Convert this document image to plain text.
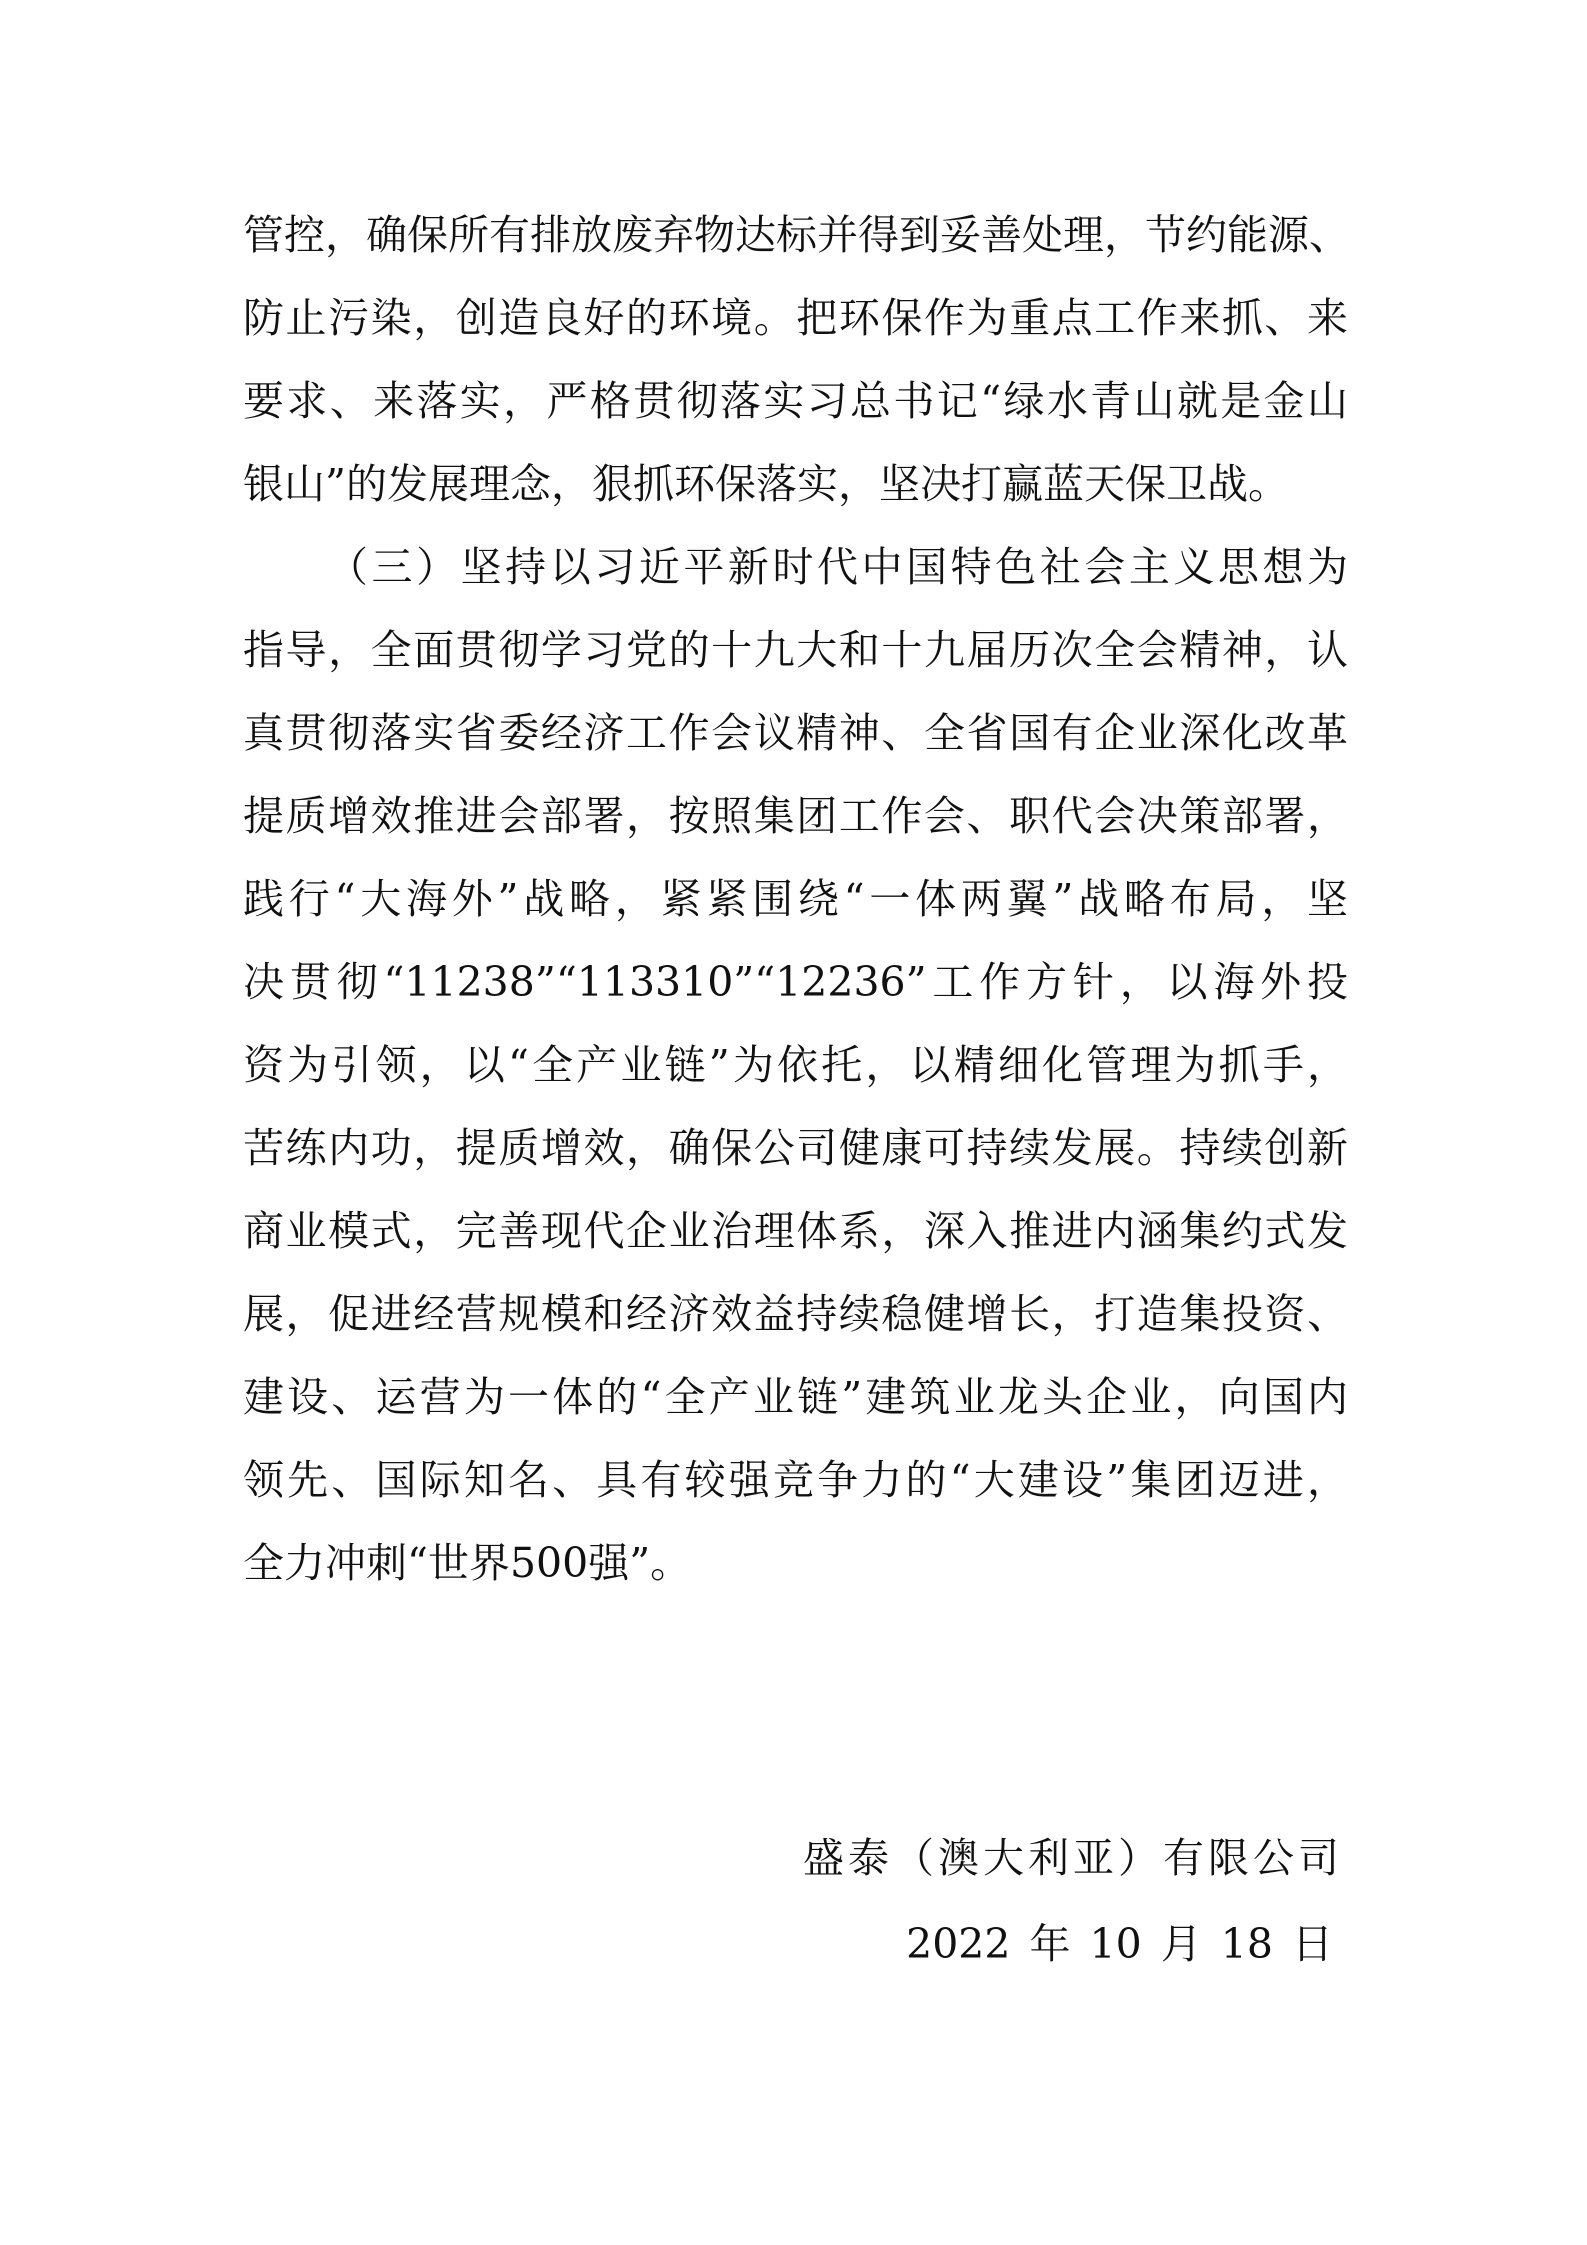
管控，确保所有排放废弃物达标并得到妥善处理，节约能源、
防止污染，创造良好的环境。把环保作为重点工作来抓、来
要求、来落实，严格贯彻落实习总书记“绿水青山就是金山
银山”的发展理念，狠抓环保落实，坚决打赢蓝天保卫战。
（三）坚持以习近平新时代中国特色社会主义思想为
指导，全面贯彻学习党的十九大和十九届历次全会精神，认
真贯彻落实省委经济工作会议精神、全省国有企业深化改革
提质增效推进会部署，按照集团工作会、职代会决策部署，
践行“大海外”战略，紧紧围绕“一体两翼”战略布局，坚
决贯彻“11238”“113310”“12236”工作方针，以海外投
资为引领，以“全产业链”为依托，以精细化管理为抓手，
苦练内功，提质增效，确保公司健康可持续发展。持续创新
商业模式，完善现代企业治理体系，深入推进内涵集约式发
展，促进经营规模和经济效益持续稳健增长，打造集投资、
建设、运营为一体的“全产业链”建筑业龙头企业，向国内
领先、国际知名、具有较强竞争力的“大建设”集团迈进，
全力冲刺“世界500强”。
盛泰（澳大利亚）有限公司
2022 年 10 月 18 日
